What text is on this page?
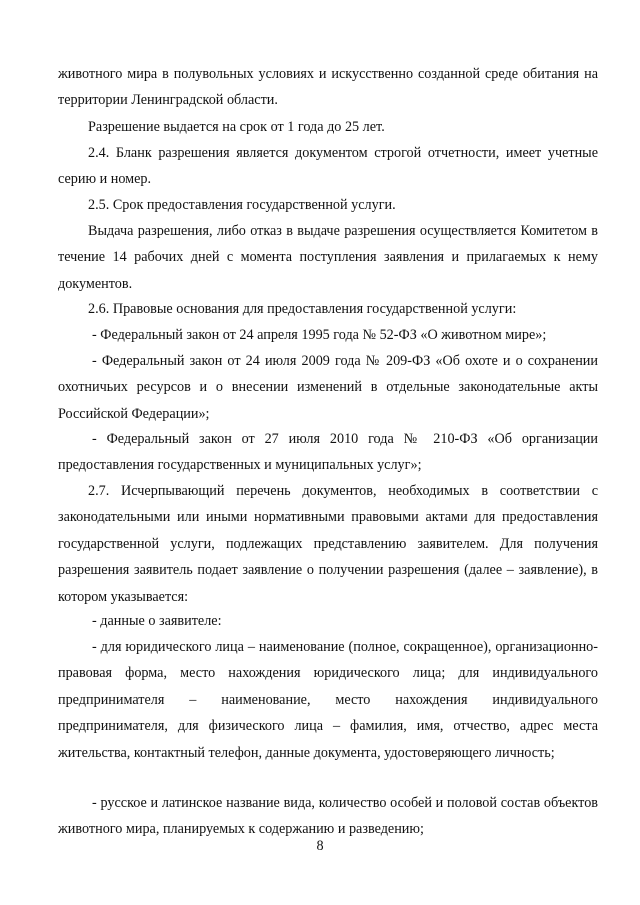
животного мира в полувольных условиях и искусственно созданной среде обитания на территории Ленинградской области.

Разрешение выдается на срок от 1 года до 25 лет.

2.4. Бланк разрешения является документом строгой отчетности, имеет учетные серию и номер.

2.5. Срок предоставления государственной услуги.

Выдача разрешения, либо отказ в выдаче разрешения осуществляется Комитетом в течение 14 рабочих дней с момента поступления заявления и прилагаемых к нему документов.

2.6. Правовые основания для предоставления государственной услуги:

- Федеральный закон от 24 апреля 1995 года № 52-ФЗ «О животном мире»;

- Федеральный закон от 24 июля 2009 года № 209-ФЗ «Об охоте и о сохранении охотничьих ресурсов и о внесении изменений в отдельные законодательные акты Российской Федерации»;

- Федеральный закон от 27 июля 2010 года № 210-ФЗ «Об организации предоставления государственных и муниципальных услуг»;

2.7. Исчерпывающий перечень документов, необходимых в соответствии с законодательными или иными нормативными правовыми актами для предоставления государственной услуги, подлежащих представлению заявителем. Для получения разрешения заявитель подает заявление о получении разрешения (далее – заявление), в котором указывается:

- данные о заявителе:

- для юридического лица – наименование (полное, сокращенное), организационно-правовая форма, место нахождения юридического лица; для индивидуального предпринимателя – наименование, место нахождения индивидуального предпринимателя, для физического лица – фамилия, имя, отчество, адрес места жительства, контактный телефон, данные документа, удостоверяющего личность;

- русское и латинское название вида, количество особей и половой состав объектов животного мира, планируемых к содержанию и разведению;

8
